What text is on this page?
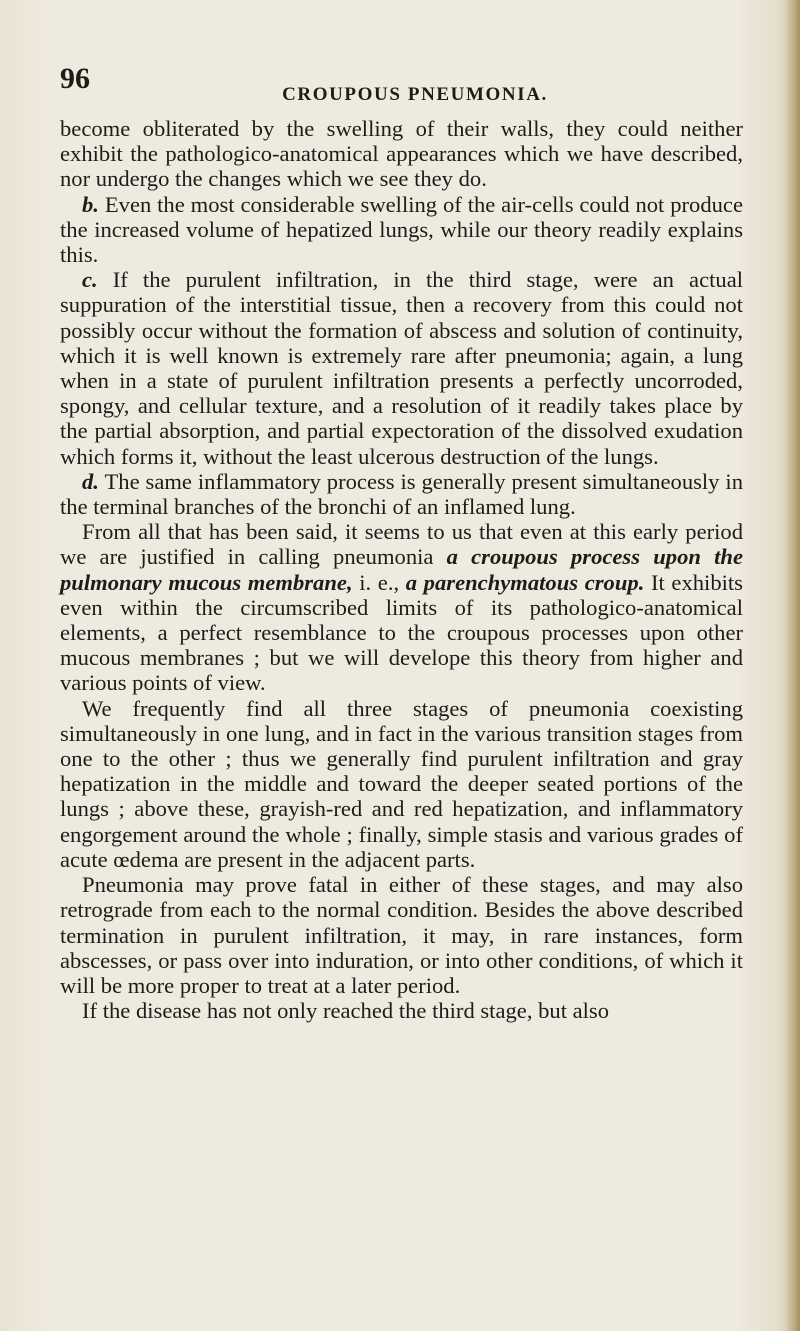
96	CROUPOUS PNEUMONIA.

become obliterated by the swelling of their walls, they could neither exhibit the pathologico-anatomical appearances which we have described, nor undergo the changes which we see they do.

b. Even the most considerable swelling of the air-cells could not produce the increased volume of hepatized lungs, while our theory readily explains this.

c. If the purulent infiltration, in the third stage, were an actual suppuration of the interstitial tissue, then a recovery from this could not possibly occur without the formation of abscess and solution of continuity, which it is well known is extremely rare after pneumonia; again, a lung when in a state of purulent infiltration presents a perfectly uncorroded, spongy, and cellular texture, and a resolution of it readily takes place by the partial absorption, and partial expectoration of the dissolved exudation which forms it, without the least ulcerous destruction of the lungs.

d. The same inflammatory process is generally present simultaneously in the terminal branches of the bronchi of an inflamed lung.

From all that has been said, it seems to us that even at this early period we are justified in calling pneumonia a croupous process upon the pulmonary mucous membrane, i. e., a parenchymatous croup. It exhibits even within the circumscribed limits of its pathologico-anatomical elements, a perfect resemblance to the croupous processes upon other mucous membranes ; but we will develope this theory from higher and various points of view.

We frequently find all three stages of pneumonia coexisting simultaneously in one lung, and in fact in the various transition stages from one to the other ; thus we generally find purulent infiltration and gray hepatization in the middle and toward the deeper seated portions of the lungs ; above these, grayish-red and red hepatization, and inflammatory engorgement around the whole ; finally, simple stasis and various grades of acute œdema are present in the adjacent parts.

Pneumonia may prove fatal in either of these stages, and may also retrograde from each to the normal condition. Besides the above described termination in purulent infiltration, it may, in rare instances, form abscesses, or pass over into induration, or into other conditions, of which it will be more proper to treat at a later period.

If the disease has not only reached the third stage, but also
